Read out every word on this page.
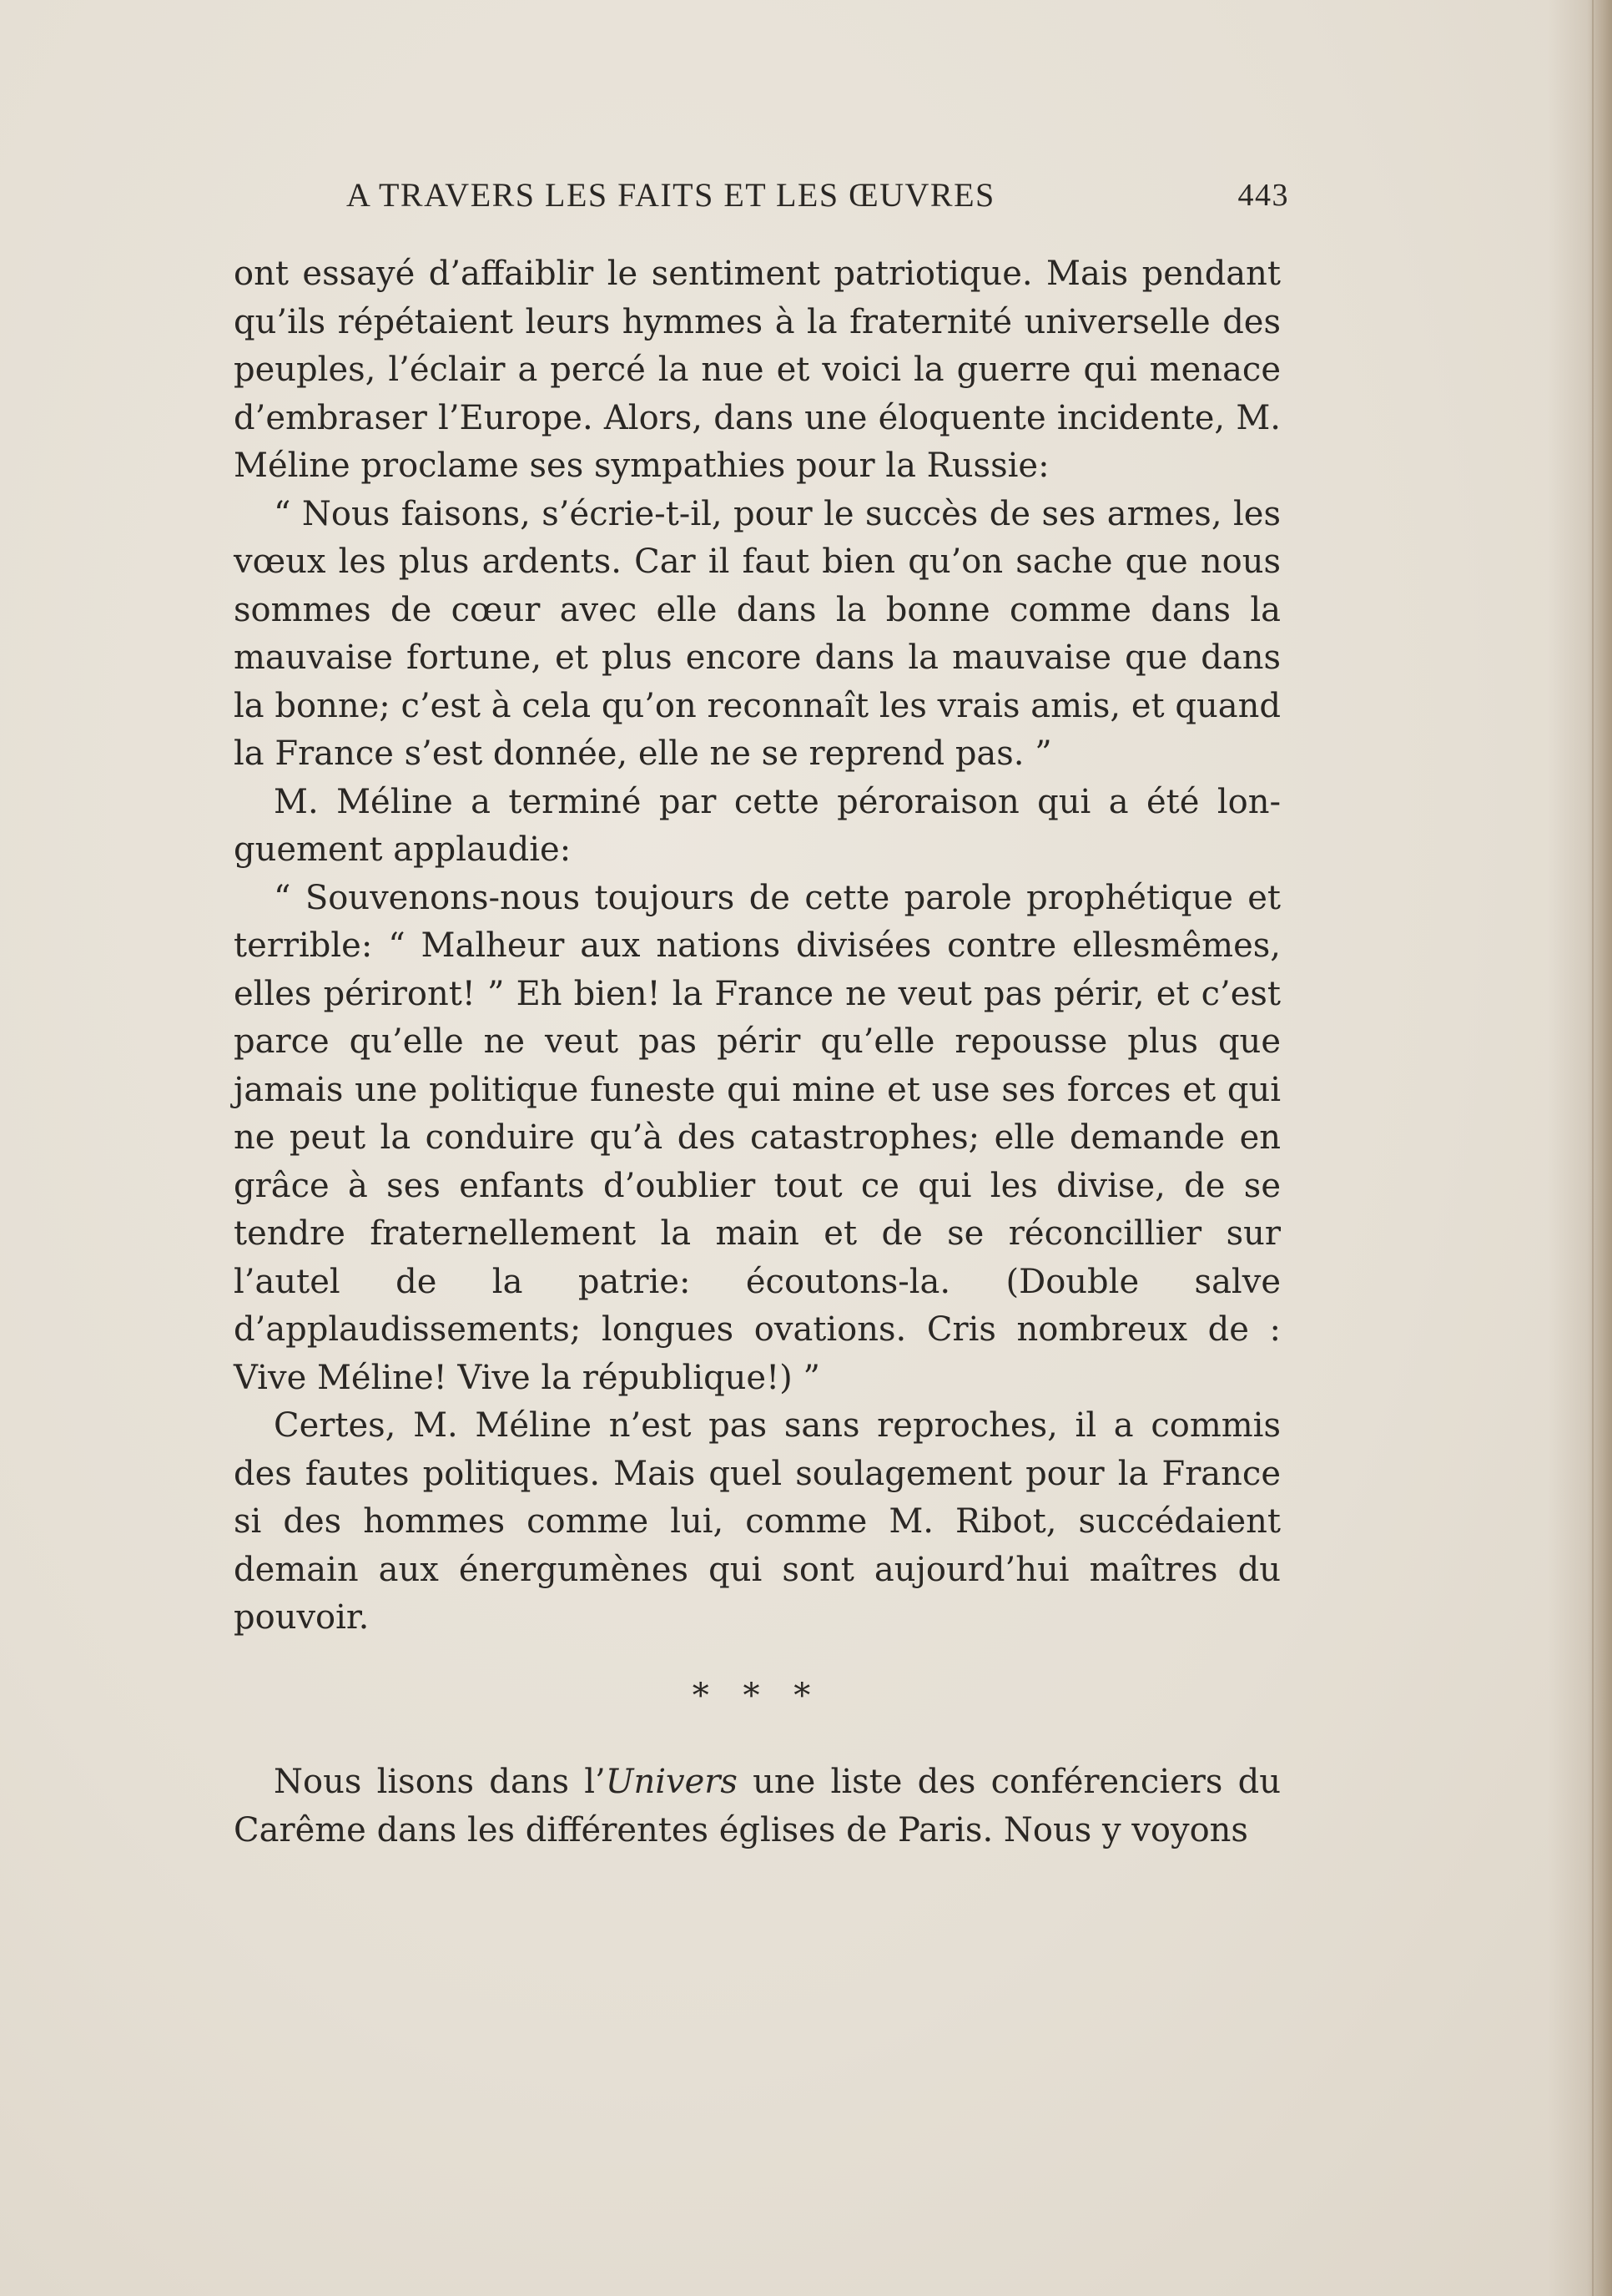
A TRAVERS LES FAITS ET LES ŒUVRES	443

ont essayé d’affaiblir le sentiment patriotique. Mais pendant qu’ils répétaient leurs hymmes à la fraternité universelle des peuples, l’éclair a percé la nue et voici la guerre qui menace d’embraser l’Europe. Alors, dans une éloquente incidente, M. Méline proclame ses sympathies pour la Russie:

“ Nous faisons, s’écrie-t-il, pour le succès de ses armes, les vœux les plus ardents. Car il faut bien qu’on sache que nous sommes de cœur avec elle dans la bonne comme dans la mauvaise fortune, et plus encore dans la mauvaise que dans la bonne; c’est à cela qu’on reconnaît les vrais amis, et quand la France s’est donnée, elle ne se reprend pas. ”

M. Méline a terminé par cette péroraison qui a été longuement applaudie:

“ Souvenons-nous toujours de cette parole prophétique et terrible: “ Malheur aux nations divisées contre ellesmêmes, elles périront! ” Eh bien! la France ne veut pas périr, et c’est parce qu’elle ne veut pas périr qu’elle repousse plus que jamais une politique funeste qui mine et use ses forces et qui ne peut la conduire qu’à des catastrophes; elle demande en grâce à ses enfants d’oublier tout ce qui les divise, de se tendre fraternellement la main et de se réconcillier sur l’autel de la patrie: écoutons-la. (Double salve d’applaudissements; longues ovations. Cris nombreux de : Vive Méline! Vive la république!) ”

Certes, M. Méline n’est pas sans reproches, il a commis des fautes politiques. Mais quel soulagement pour la France si des hommes comme lui, comme M. Ribot, succédaient demain aux énergumènes qui sont aujourd’hui maîtres du pouvoir.

* * *

Nous lisons dans l’Univers une liste des conférenciers du Carême dans les différentes églises de Paris. Nous y voyons
